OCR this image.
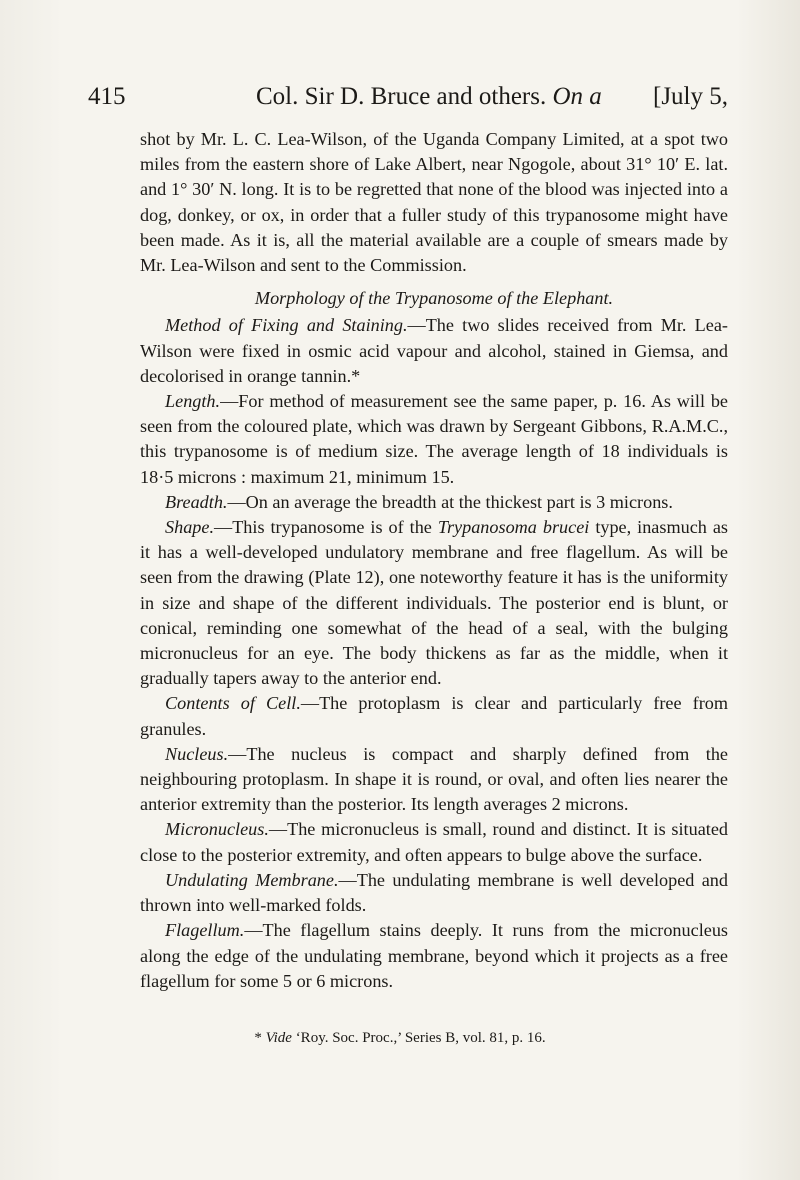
415	Col. Sir D. Bruce and others. On a [July 5,

shot by Mr. L. C. Lea-Wilson, of the Uganda Company Limited, at a spot two miles from the eastern shore of Lake Albert, near Ngogole, about 31° 10′ E. lat. and 1° 30′ N. long. It is to be regretted that none of the blood was injected into a dog, donkey, or ox, in order that a fuller study of this trypanosome might have been made. As it is, all the material available are a couple of smears made by Mr. Lea-Wilson and sent to the Commission.

Morphology of the Trypanosome of the Elephant.

Method of Fixing and Staining.—The two slides received from Mr. Lea-Wilson were fixed in osmic acid vapour and alcohol, stained in Giemsa, and decolorised in orange tannin.*

Length.—For method of measurement see the same paper, p. 16. As will be seen from the coloured plate, which was drawn by Sergeant Gibbons, R.A.M.C., this trypanosome is of medium size. The average length of 18 individuals is 18·5 microns : maximum 21, minimum 15.

Breadth.—On an average the breadth at the thickest part is 3 microns.

Shape.—This trypanosome is of the Trypanosoma brucei type, inasmuch as it has a well-developed undulatory membrane and free flagellum. As will be seen from the drawing (Plate 12), one noteworthy feature it has is the uniformity in size and shape of the different individuals. The posterior end is blunt, or conical, reminding one somewhat of the head of a seal, with the bulging micronucleus for an eye. The body thickens as far as the middle, when it gradually tapers away to the anterior end.

Contents of Cell.—The protoplasm is clear and particularly free from granules.

Nucleus.—The nucleus is compact and sharply defined from the neighbouring protoplasm. In shape it is round, or oval, and often lies nearer the anterior extremity than the posterior. Its length averages 2 microns.

Micronucleus.—The micronucleus is small, round and distinct. It is situated close to the posterior extremity, and often appears to bulge above the surface.

Undulating Membrane.—The undulating membrane is well developed and thrown into well-marked folds.

Flagellum.—The flagellum stains deeply. It runs from the micronucleus along the edge of the undulating membrane, beyond which it projects as a free flagellum for some 5 or 6 microns.

* Vide ‘Roy. Soc. Proc.,’ Series B, vol. 81, p. 16.
